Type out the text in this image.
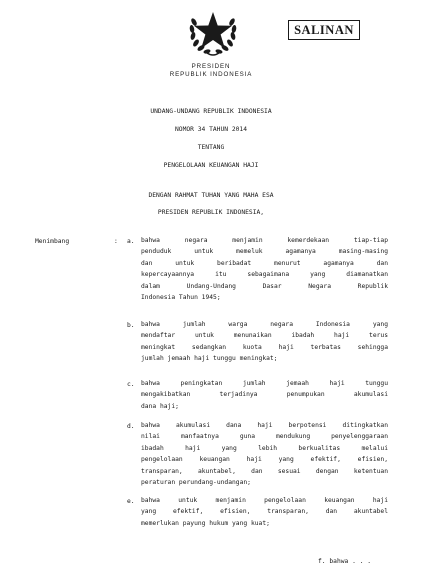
SALINAN
PRESIDEN
REPUBLIK INDONESIA
UNDANG-UNDANG REPUBLIK INDONESIA
NOMOR 34 TAHUN 2014
TENTANG
PENGELOLAAN KEUANGAN HAJI
DENGAN RAHMAT TUHAN YANG MAHA ESA
PRESIDEN REPUBLIK INDONESIA,
Menimbang	: a. bahwa negara menjamin kemerdekaan tiap-tiap
penduduk untuk memeluk agamanya masing-masing
dan untuk beribadat menurut agamanya dan
kepercayaannya itu sebagaimana yang diamanatkan
dalam Undang-Undang Dasar Negara Republik
Indonesia Tahun 1945;
b. bahwa jumlah warga negara Indonesia yang
mendaftar untuk menunaikan ibadah haji terus
meningkat sedangkan kuota haji terbatas sehingga
jumlah jemaah haji tunggu meningkat;
c. bahwa peningkatan jumlah jemaah haji tunggu
mengakibatkan terjadinya penumpukan akumulasi
dana haji;
d. bahwa akumulasi dana haji berpotensi ditingkatkan
nilai manfaatnya guna mendukung penyelenggaraan
ibadah haji yang lebih berkualitas melalui
pengelolaan keuangan haji yang efektif, efisien,
transparan, akuntabel, dan sesuai dengan ketentuan
peraturan perundang-undangan;
e. bahwa untuk menjamin pengelolaan keuangan haji
yang efektif, efisien, transparan, dan akuntabel
memerlukan payung hukum yang kuat;
f. bahwa . . .
